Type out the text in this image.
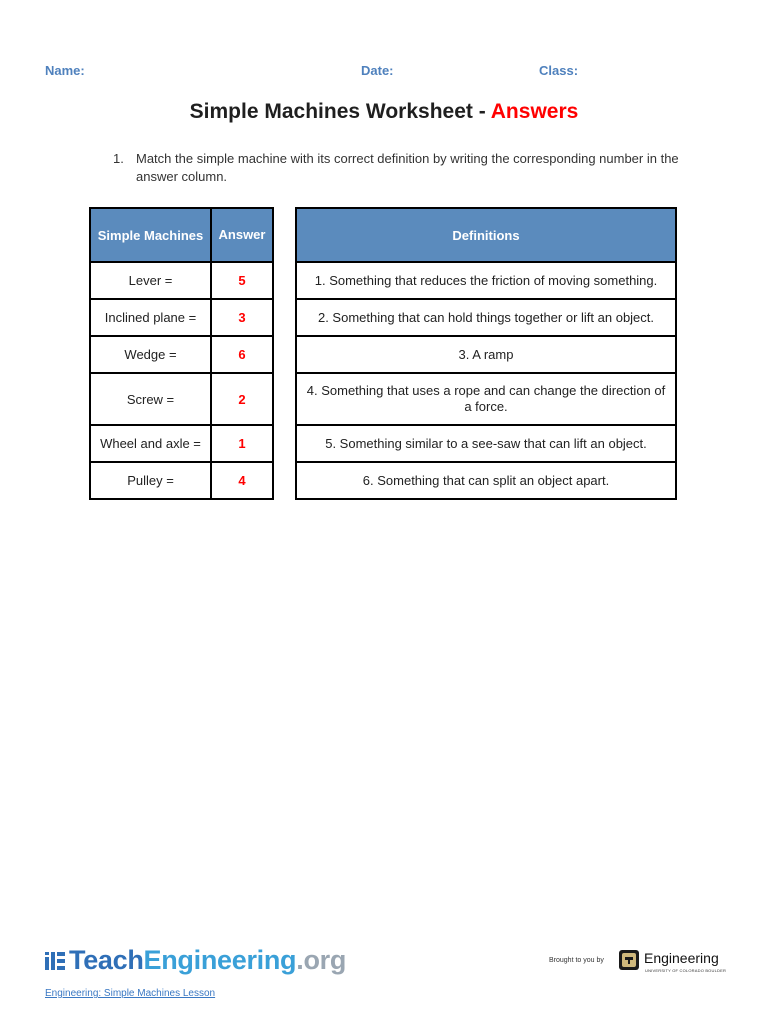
Name:	Date:	Class:
Simple Machines Worksheet - Answers
1. Match the simple machine with its correct definition by writing the corresponding number in the answer column.
Simple Machines	Answer
Lever =	5
Inclined plane =	3
Wedge =	6
Screw =	2
Wheel and axle =	1
Pulley =	4
Definitions
1. Something that reduces the friction of moving something.
2. Something that can hold things together or lift an object.
3. A ramp
4. Something that uses a rope and can change the direction of a force.
5. Something similar to a see-saw that can lift an object.
6. Something that can split an object apart.
TeachEngineering.org	Brought to you by	Engineering
UNIVERSITY OF COLORADO BOULDER
Engineering: Simple Machines Lesson
